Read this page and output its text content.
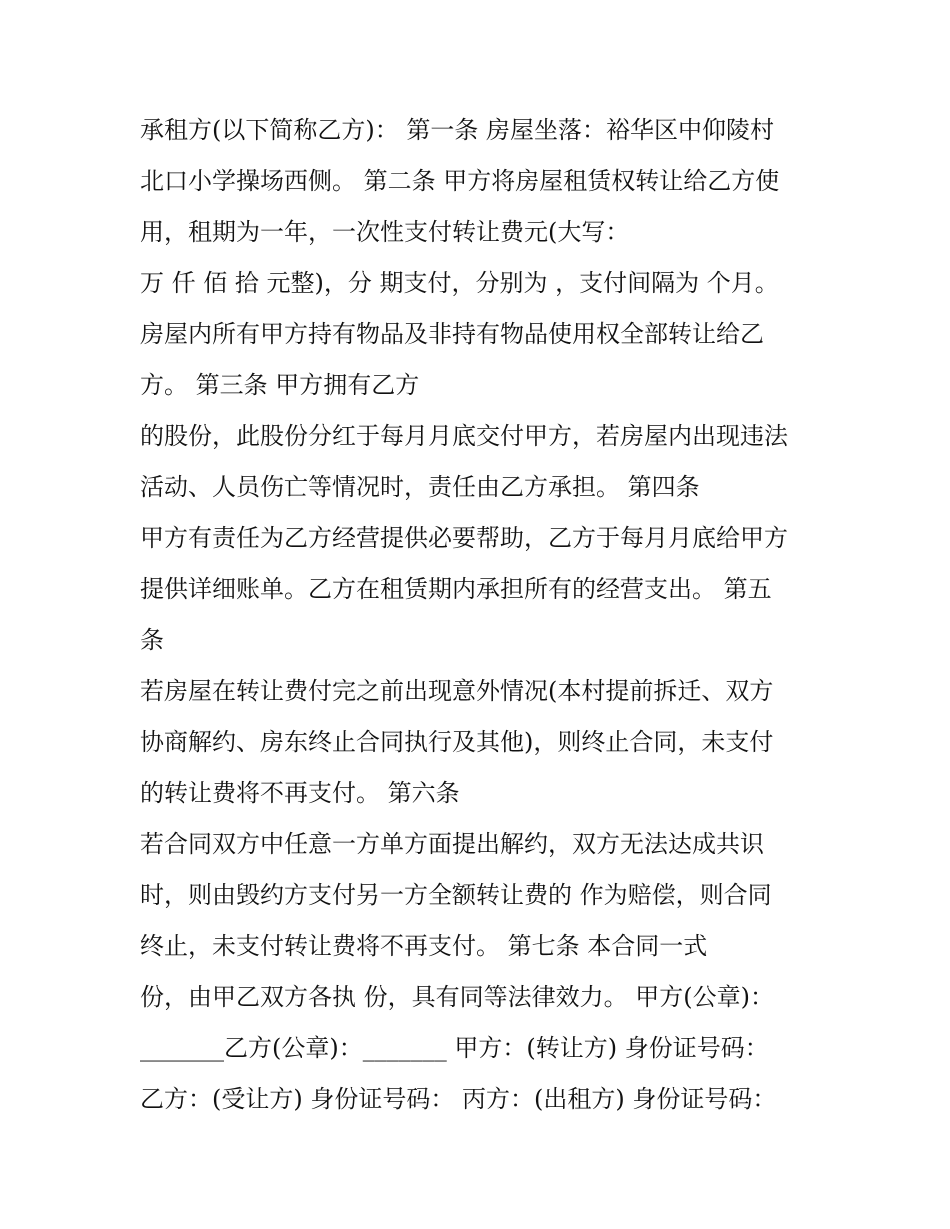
承租方(以下简称乙方)： 第一条 房屋坐落：裕华区中仰陵村
北口小学操场西侧。 第二条 甲方将房屋租赁权转让给乙方使
用，租期为一年，一次性支付转让费元(大写：
万 仟 佰 拾 元整)，分 期支付，分别为 ，支付间隔为 个月。
房屋内所有甲方持有物品及非持有物品使用权全部转让给乙
方。 第三条 甲方拥有乙方
的股份，此股份分红于每月月底交付甲方，若房屋内出现违法
活动、人员伤亡等情况时，责任由乙方承担。 第四条
甲方有责任为乙方经营提供必要帮助，乙方于每月月底给甲方
提供详细账单。乙方在租赁期内承担所有的经营支出。 第五
条
若房屋在转让费付完之前出现意外情况(本村提前拆迁、双方
协商解约、房东终止合同执行及其他)，则终止合同，未支付
的转让费将不再支付。 第六条
若合同双方中任意一方单方面提出解约，双方无法达成共识
时，则由毁约方支付另一方全额转让费的 作为赔偿，则合同
终止，未支付转让费将不再支付。 第七条 本合同一式
份，由甲乙双方各执 份，具有同等法律效力。 甲方(公章)：
_______乙方(公章)：_______ 甲方：(转让方) 身份证号码：
乙方：(受让方) 身份证号码： 丙方：(出租方) 身份证号码：
